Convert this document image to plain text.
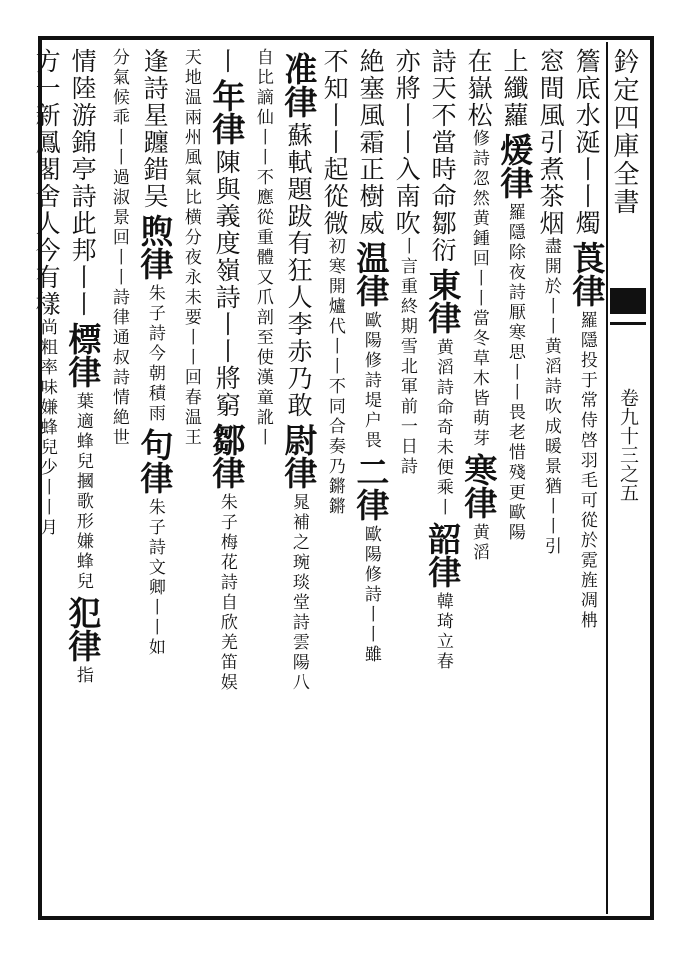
鈐定四庫全書
卷九十三之五
簷底水涎丨丨燭
莨律
羅隱投于常侍啓羽毛可從於霓旌凋柟
窓間風引煮茶烟
盡開於丨丨黄滔詩吹成暖景猶丨丨引
上纖蘿
煖律
羅隱除夜詩厭寒思丨丨畏老惜殘更歐陽
在嶽松
修詩忽然黄鍾回丨丨當冬草木皆萌芽
寒律
黄滔
詩天不當時命鄒衍
東律
黄滔詩命奇未便乘丨
韶律
韓琦立春
亦將丨丨入南吹
丨言重終期雪北軍
前一日詩
絶塞風霜正樹威
温律
歐陽修詩堤户畏
二律
歐陽修詩丨丨雖
不知丨丨起從微
初寒開爐代丨丨
不同合奏乃鏘鏘
准律
蘇軾題跋有狂人李赤乃敢
尉律
晁補之琬琰堂詩雲陽八
自比謫仙丨丨不應從重
體又爪剖至使漢童訛丨
丨
年律
陳與義度嶺詩丨丨將窮
鄒律
朱子梅花詩自欣羌笛娱
天地温兩州風氣比横分
夜永未要丨丨回春温王
逢詩星躔錯吴
煦律
朱子詩今朝積雨
句律
朱子詩文卿丨丨如
分氣候乖丨丨
過淑景回丨丨
詩律通叔詩情絶世
情陸游錦亭詩此邦丨丨
標律
葉適蜂兒摑歌形嫌蜂兒
犯律
指
方一新鳳閣舍人今有樣
尚粗率味嫌蜂兒少丨丨
月
